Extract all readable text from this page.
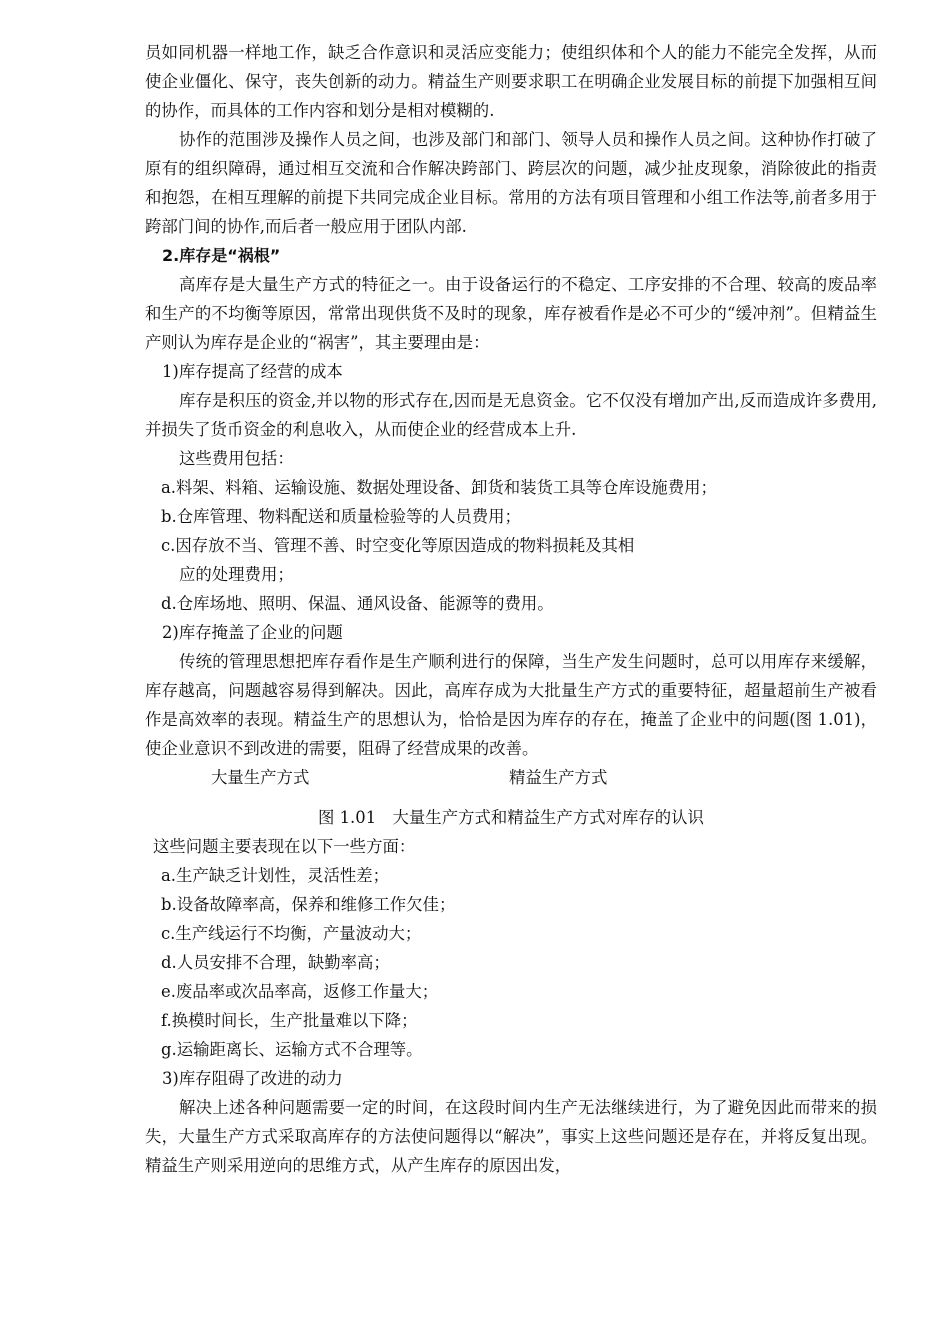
员如同机器一样地工作，缺乏合作意识和灵活应变能力；使组织体和个人的能力不能完全发挥，从而使企业僵化、保守，丧失创新的动力。精益生产则要求职工在明确企业发展目标的前提下加强相互间的协作，而具体的工作内容和划分是相对模糊的.

协作的范围涉及操作人员之间，也涉及部门和部门、领导人员和操作人员之间。这种协作打破了原有的组织障碍，通过相互交流和合作解决跨部门、跨层次的问题，减少扯皮现象，消除彼此的指责和抱怨，在相互理解的前提下共同完成企业目标。常用的方法有项目管理和小组工作法等,前者多用于跨部门间的协作,而后者一般应用于团队内部.

2.库存是“祸根”

高库存是大量生产方式的特征之一。由于设备运行的不稳定、工序安排的不合理、较高的废品率和生产的不均衡等原因，常常出现供货不及时的现象，库存被看作是必不可少的“缓冲剂”。但精益生产则认为库存是企业的“祸害”，其主要理由是：

1)库存提高了经营的成本

库存是积压的资金,并以物的形式存在,因而是无息资金。它不仅没有增加产出,反而造成许多费用,并损失了货币资金的利息收入，从而使企业的经营成本上升.

这些费用包括：

a.料架、料箱、运输设施、数据处理设备、卸货和装货工具等仓库设施费用；

b.仓库管理、物料配送和质量检验等的人员费用；

c.因存放不当、管理不善、时空变化等原因造成的物料损耗及其相

应的处理费用；

d.仓库场地、照明、保温、通风设备、能源等的费用。

2)库存掩盖了企业的问题

传统的管理思想把库存看作是生产顺利进行的保障，当生产发生问题时，总可以用库存来缓解，库存越高，问题越容易得到解决。因此，高库存成为大批量生产方式的重要特征，超量超前生产被看作是高效率的表现。精益生产的思想认为，恰恰是因为库存的存在，掩盖了企业中的问题(图 1.01)，使企业意识不到改进的需要，阻碍了经营成果的改善。

大量生产方式	精益生产方式

图 1.01　大量生产方式和精益生产方式对库存的认识

这些问题主要表现在以下一些方面：

a.生产缺乏计划性，灵活性差；

b.设备故障率高，保养和维修工作欠佳；

c.生产线运行不均衡，产量波动大；

d.人员安排不合理，缺勤率高；

e.废品率或次品率高，返修工作量大；

f.换模时间长，生产批量难以下降；

g.运输距离长、运输方式不合理等。

3)库存阻碍了改进的动力

解决上述各种问题需要一定的时间，在这段时间内生产无法继续进行，为了避免因此而带来的损失，大量生产方式采取高库存的方法使问题得以“解决”，事实上这些问题还是存在，并将反复出现。精益生产则采用逆向的思维方式，从产生库存的原因出发，
